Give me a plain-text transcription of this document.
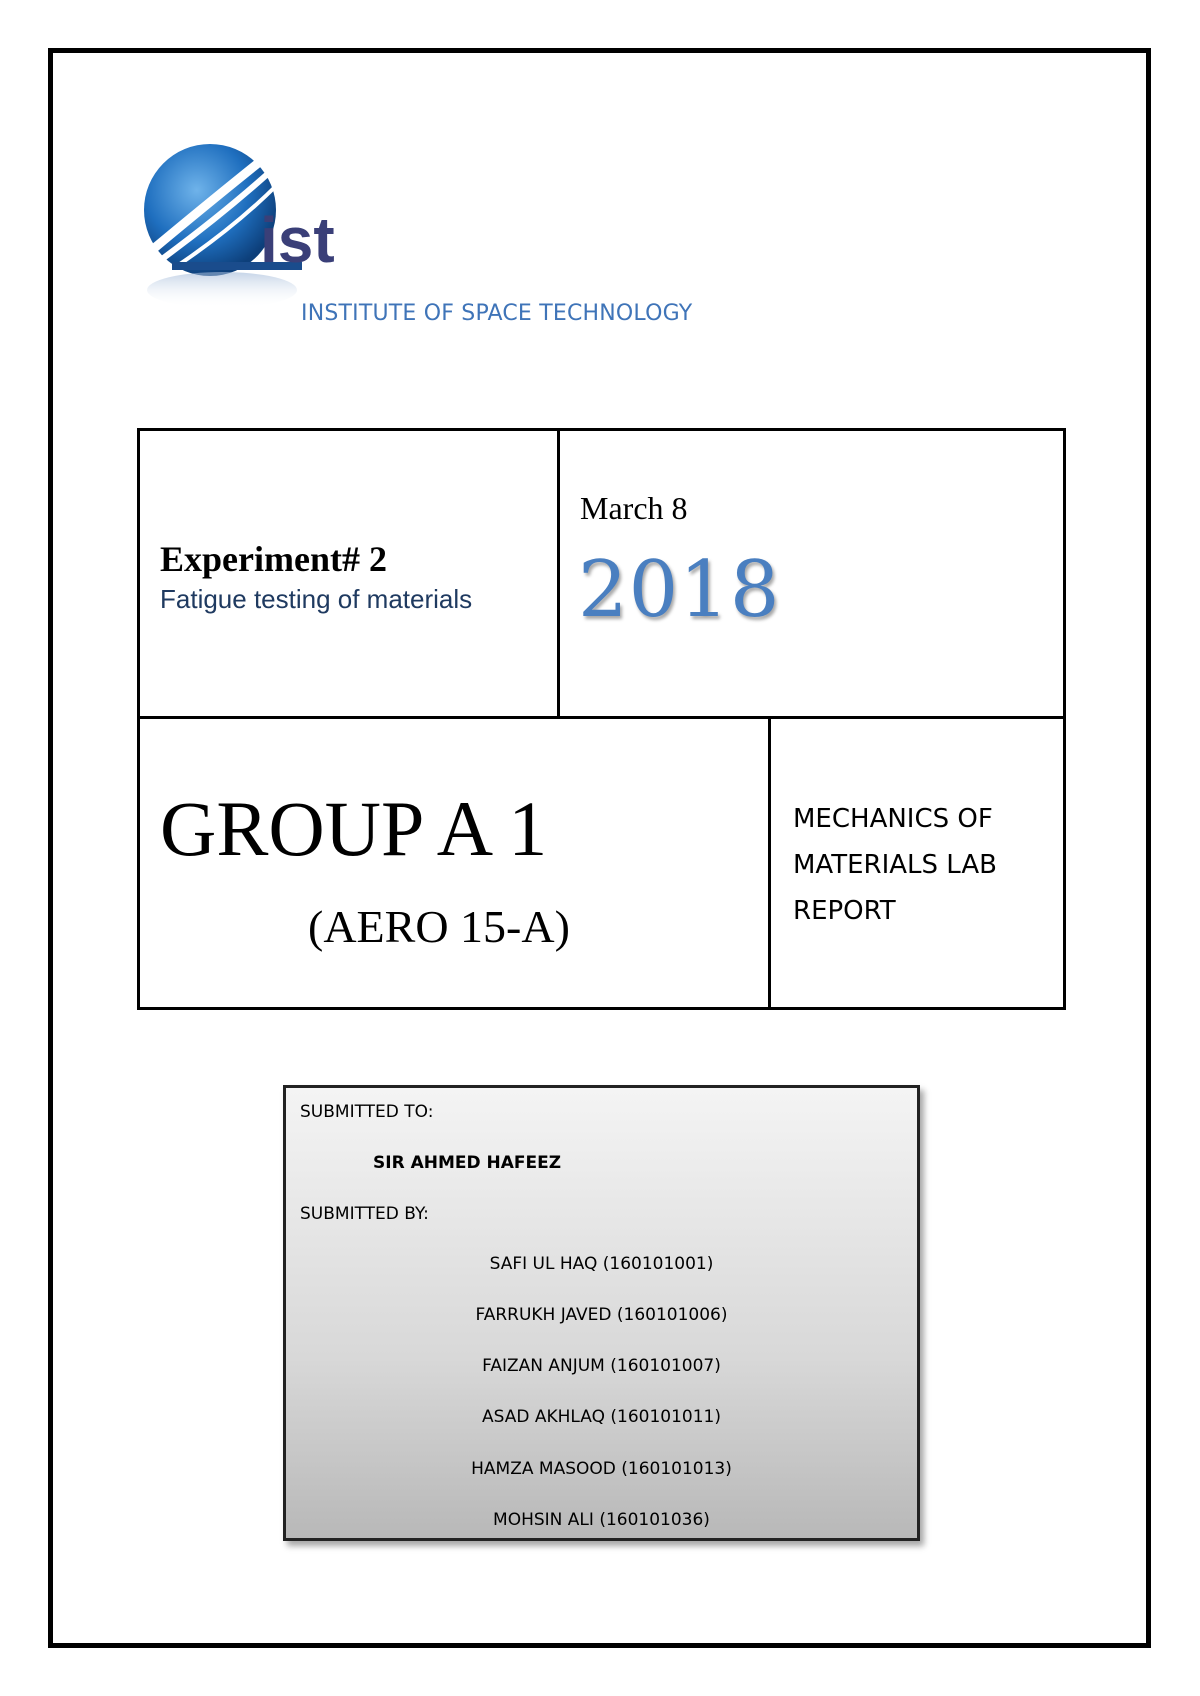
ist
INSTITUTE OF SPACE TECHNOLOGY
Experiment# 2
Fatigue testing of materials
March 8
2018
GROUP A 1
(AERO 15-A)
MECHANICS OF
MATERIALS LAB
REPORT
SUBMITTED TO:
SIR AHMED HAFEEZ
SUBMITTED BY:
SAFI UL HAQ (160101001)
FARRUKH JAVED (160101006)
FAIZAN ANJUM (160101007)
ASAD AKHLAQ (160101011)
HAMZA MASOOD (160101013)
MOHSIN ALI (160101036)
